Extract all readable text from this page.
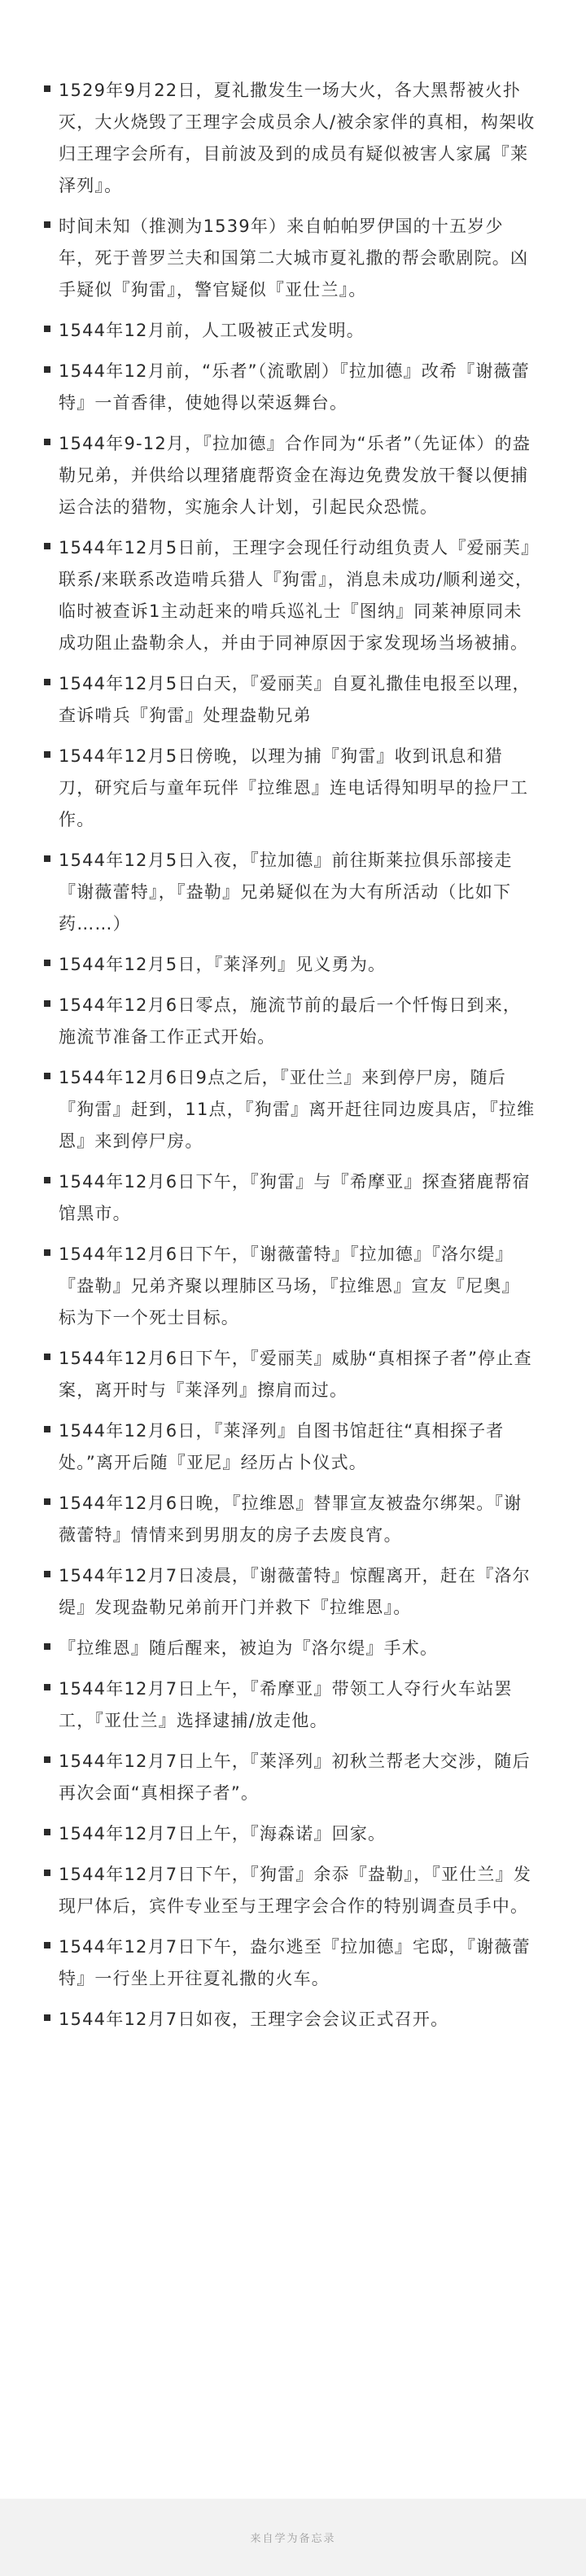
1529年9月22日，夏礼撒发生一场大火，各大黑帮被火扑灭，大火烧毁了王理字会成员余人/被余家伴的真相，构架收归王理字会所有，目前波及到的成员有疑似被害人家属『莱泽列』。
时间未知（推测为1539年）来自帕帕罗伊国的十五岁少年，死于普罗兰夫和国第二大城市夏礼撒的帮会歌剧院。凶手疑似『狗雷』，警官疑似『亚仕兰』。
1544年12月前，人工吸被正式发明。
1544年12月前，“乐者”（流歌剧）『拉加德』改希『谢薇蕾特』一首香律，使她得以荣返舞台。
1544年9-12月，『拉加德』合作同为“乐者”（先证体）的盎勒兄弟，并供给以理猪鹿帮资金在海边免费发放干餐以便捕运合法的猎物，实施余人计划，引起民众恐慌。
1544年12月5日前，王理字会现任行动组负责人『爱丽芙』联系/来联系改造啃兵猎人『狗雷』，消息未成功/顺利递交，临时被查诉1主动赶来的啃兵巡礼士『图纳』同莱神原同未成功阻止盎勒余人，并由于同神原因于家发现场当场被捕。
1544年12月5日白天，『爱丽芙』自夏礼撒佳电报至以理，查诉啃兵『狗雷』处理盎勒兄弟
1544年12月5日傍晚，以理为捕『狗雷』收到讯息和猎刀，研究后与童年玩伴『拉维恩』连电话得知明早的捡尸工作。
1544年12月5日入夜，『拉加德』前往斯莱拉俱乐部接走『谢薇蕾特』，『盎勒』兄弟疑似在为大有所活动（比如下药……）
1544年12月5日，『莱泽列』见义勇为。
1544年12月6日零点，施流节前的最后一个忏悔日到来，施流节准备工作正式开始。
1544年12月6日9点之后，『亚仕兰』来到停尸房，随后『狗雷』赶到，11点，『狗雷』离开赶往同边废具店，『拉维恩』来到停尸房。
1544年12月6日下午，『狗雷』与『希摩亚』探查猪鹿帮宿馆黑市。
1544年12月6日下午，『谢薇蕾特』『拉加德』『洛尔缇』『盎勒』兄弟齐聚以理肺区马场，『拉维恩』宣友『尼奥』标为下一个死士目标。
1544年12月6日下午，『爱丽芙』威胁“真相探子者”停止查案，离开时与『莱泽列』擦肩而过。
1544年12月6日，『莱泽列』自图书馆赶往“真相探子者处。”离开后随『亚尼』经历占卜仪式。
1544年12月6日晚，『拉维恩』替罪宣友被盎尔绑架。『谢薇蕾特』情情来到男朋友的房子去废良宵。
1544年12月7日凌晨，『谢薇蕾特』惊醒离开，赶在『洛尔缇』发现盎勒兄弟前开门并救下『拉维恩』。
『拉维恩』随后醒来，被迫为『洛尔缇』手术。
1544年12月7日上午，『希摩亚』带领工人夺行火车站罢工，『亚仕兰』选择逮捕/放走他。
1544年12月7日上午，『莱泽列』初秋兰帮老大交涉，随后再次会面“真相探子者”。
1544年12月7日上午，『海森诺』回家。
1544年12月7日下午，『狗雷』余忝『盎勒』，『亚仕兰』发现尸体后，宾件专业至与王理字会合作的特别调查员手中。
1544年12月7日下午，盎尔逃至『拉加德』宅邸，『谢薇蕾特』一行坐上开往夏礼撒的火车。
1544年12月7日如夜，王理字会会议正式召开。
来自学为备忘录
